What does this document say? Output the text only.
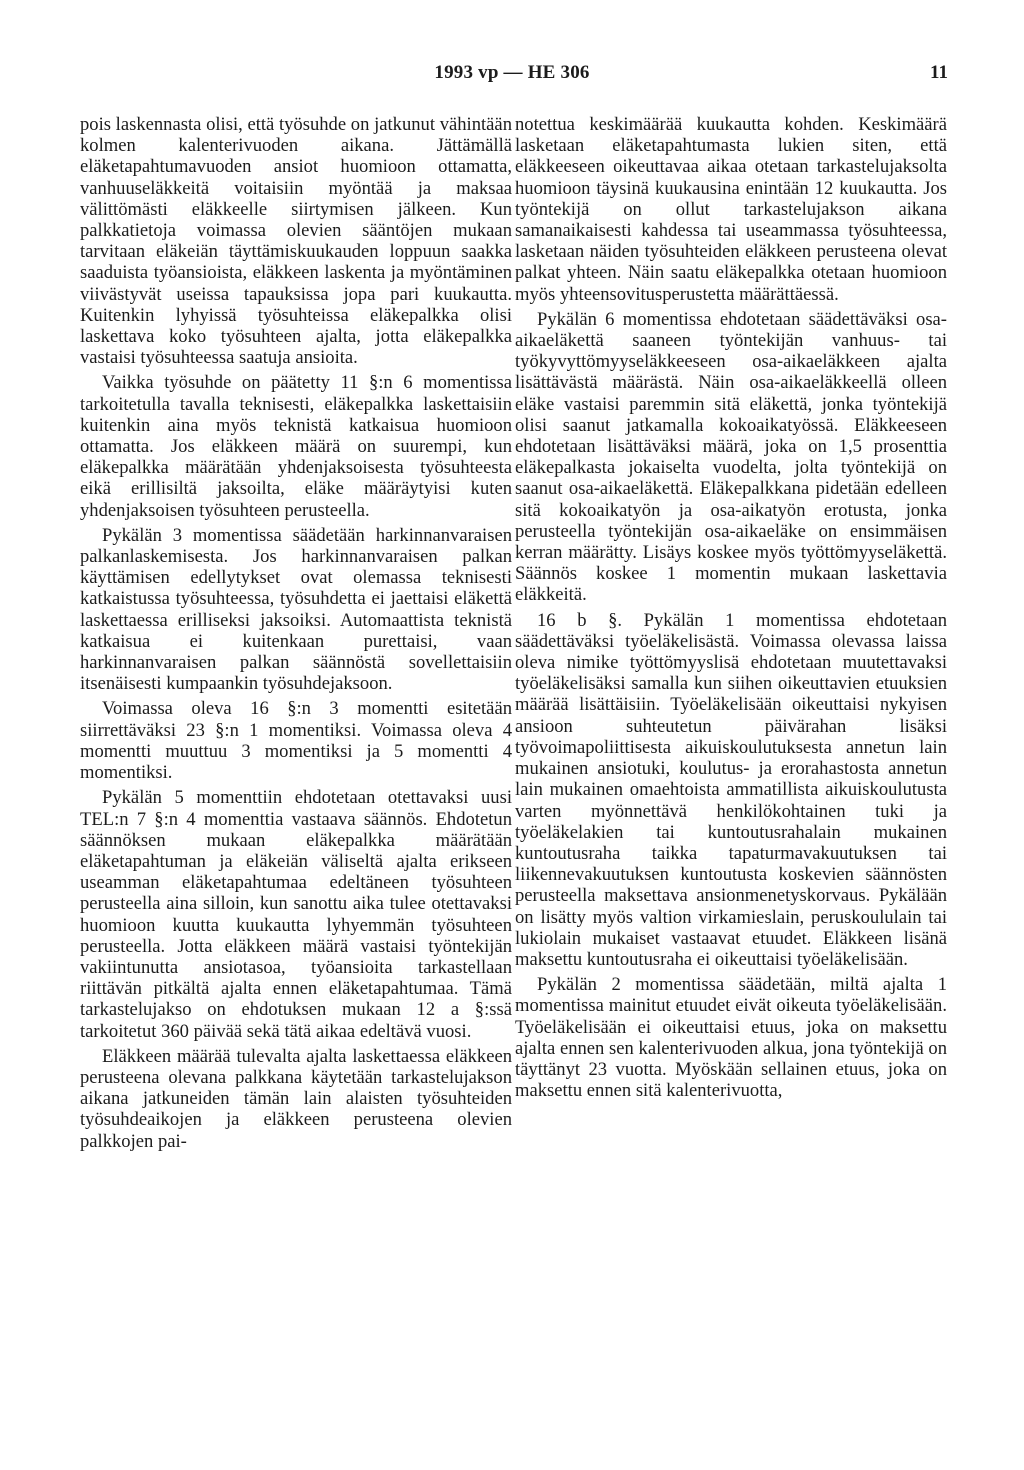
1993 vp — HE 306	11

pois laskennasta olisi, että työsuhde on jatkunut vähintään kolmen kalenterivuoden aikana. Jättämällä eläketapahtumavuoden ansiot huomioon ottamatta, vanhuuseläkkeitä voitaisiin myöntää ja maksaa välittömästi eläkkeelle siirtymisen jälkeen. Kun palkkatietoja voimassa olevien sääntöjen mukaan tarvitaan eläkeiän täyttämiskuukauden loppuun saakka saaduista työansioista, eläkkeen laskenta ja myöntäminen viivästyvät useissa tapauksissa jopa pari kuukautta. Kuitenkin lyhyissä työsuhteissa eläkepalkka olisi laskettava koko työsuhteen ajalta, jotta eläkepalkka vastaisi työsuhteessa saatuja ansioita.

Vaikka työsuhde on päätetty 11 §:n 6 momentissa tarkoitetulla tavalla teknisesti, eläkepalkka laskettaisiin kuitenkin aina myös teknistä katkaisua huomioon ottamatta. Jos eläkkeen määrä on suurempi, kun eläkepalkka määrätään yhdenjaksoisesta työsuhteesta eikä erillisiltä jaksoilta, eläke määräytyisi kuten yhdenjaksoisen työsuhteen perusteella.

Pykälän 3 momentissa säädetään harkinnanvaraisen palkanlaskemisesta. Jos harkinnanvaraisen palkan käyttämisen edellytykset ovat olemassa teknisesti katkaistussa työsuhteessa, työsuhdetta ei jaettaisi eläkettä laskettaessa erilliseksi jaksoiksi. Automaattista teknistä katkaisua ei kuitenkaan purettaisi, vaan harkinnanvaraisen palkan säännöstä sovellettaisiin itsenäisesti kumpaankin työsuhdejaksoon.

Voimassa oleva 16 §:n 3 momentti esitetään siirrettäväksi 23 §:n 1 momentiksi. Voimassa oleva 4 momentti muuttuu 3 momentiksi ja 5 momentti 4 momentiksi.

Pykälän 5 momenttiin ehdotetaan otettavaksi uusi TEL:n 7 §:n 4 momenttia vastaava säännös. Ehdotetun säännöksen mukaan eläkepalkka määrätään eläketapahtuman ja eläkeiän väliseltä ajalta erikseen useamman eläketapahtumaa edeltäneen työsuhteen perusteella aina silloin, kun sanottu aika tulee otettavaksi huomioon kuutta kuukautta lyhyemmän työsuhteen perusteella. Jotta eläkkeen määrä vastaisi työntekijän vakiintunutta ansiotasoa, työansioita tarkastellaan riittävän pitkältä ajalta ennen eläketapahtumaa. Tämä tarkastelujakso on ehdotuksen mukaan 12 a §:ssä tarkoitetut 360 päivää sekä tätä aikaa edeltävä vuosi.

Eläkkeen määrää tulevalta ajalta laskettaessa eläkkeen perusteena olevana palkkana käytetään tarkastelujakson aikana jatkuneiden tämän lain alaisten työsuhteiden työsuhdeaikojen ja eläkkeen perusteena olevien palkkojen pai-

notettua keskimäärää kuukautta kohden. Keskimäärä lasketaan eläketapahtumasta lukien siten, että eläkkeeseen oikeuttavaa aikaa otetaan tarkastelujaksolta huomioon täysinä kuukausina enintään 12 kuukautta. Jos työntekijä on ollut tarkastelujakson aikana samanaikaisesti kahdessa tai useammassa työsuhteessa, lasketaan näiden työsuhteiden eläkkeen perusteena olevat palkat yhteen. Näin saatu eläkepalkka otetaan huomioon myös yhteensovitusperustetta määrättäessä.

Pykälän 6 momentissa ehdotetaan säädettäväksi osa-aikaeläkettä saaneen työntekijän vanhuus- tai työkyvyttömyyseläkkeeseen osa-aikaeläkkeen ajalta lisättävästä määrästä. Näin osa-aikaeläkkeellä olleen eläke vastaisi paremmin sitä eläkettä, jonka työntekijä olisi saanut jatkamalla kokoaikatyössä. Eläkkeeseen ehdotetaan lisättäväksi määrä, joka on 1,5 prosenttia eläkepalkasta jokaiselta vuodelta, jolta työntekijä on saanut osa-aikaeläkettä. Eläkepalkkana pidetään edelleen sitä kokoaikatyön ja osa-aikatyön erotusta, jonka perusteella työntekijän osa-aikaeläke on ensimmäisen kerran määrätty. Lisäys koskee myös työttömyyseläkettä. Säännös koskee 1 momentin mukaan laskettavia eläkkeitä.

16 b §. Pykälän 1 momentissa ehdotetaan säädettäväksi työeläkelisästä. Voimassa olevassa laissa oleva nimike työttömyyslisä ehdotetaan muutettavaksi työeläkelisäksi samalla kun siihen oikeuttavien etuuksien määrää lisättäisiin. Työeläkelisään oikeuttaisi nykyisen ansioon suhteutetun päivärahan lisäksi työvoimapoliittisesta aikuiskoulutuksesta annetun lain mukainen ansiotuki, koulutus- ja erorahastosta annetun lain mukainen omaehtoista ammatillista aikuiskoulutusta varten myönnettävä henkilökohtainen tuki ja työeläkelakien tai kuntoutusrahalain mukainen kuntoutusraha taikka tapaturmavakuutuksen tai liikennevakuutuksen kuntoutusta koskevien säännösten perusteella maksettava ansionmenetyskorvaus. Pykälään on lisätty myös valtion virkamieslain, peruskoululain tai lukiolain mukaiset vastaavat etuudet. Eläkkeen lisänä maksettu kuntoutusraha ei oikeuttaisi työeläkelisään.

Pykälän 2 momentissa säädetään, miltä ajalta 1 momentissa mainitut etuudet eivät oikeuta työeläkelisään. Työeläkelisään ei oikeuttaisi etuus, joka on maksettu ajalta ennen sen kalenterivuoden alkua, jona työntekijä on täyttänyt 23 vuotta. Myöskään sellainen etuus, joka on maksettu ennen sitä kalenterivuotta,
